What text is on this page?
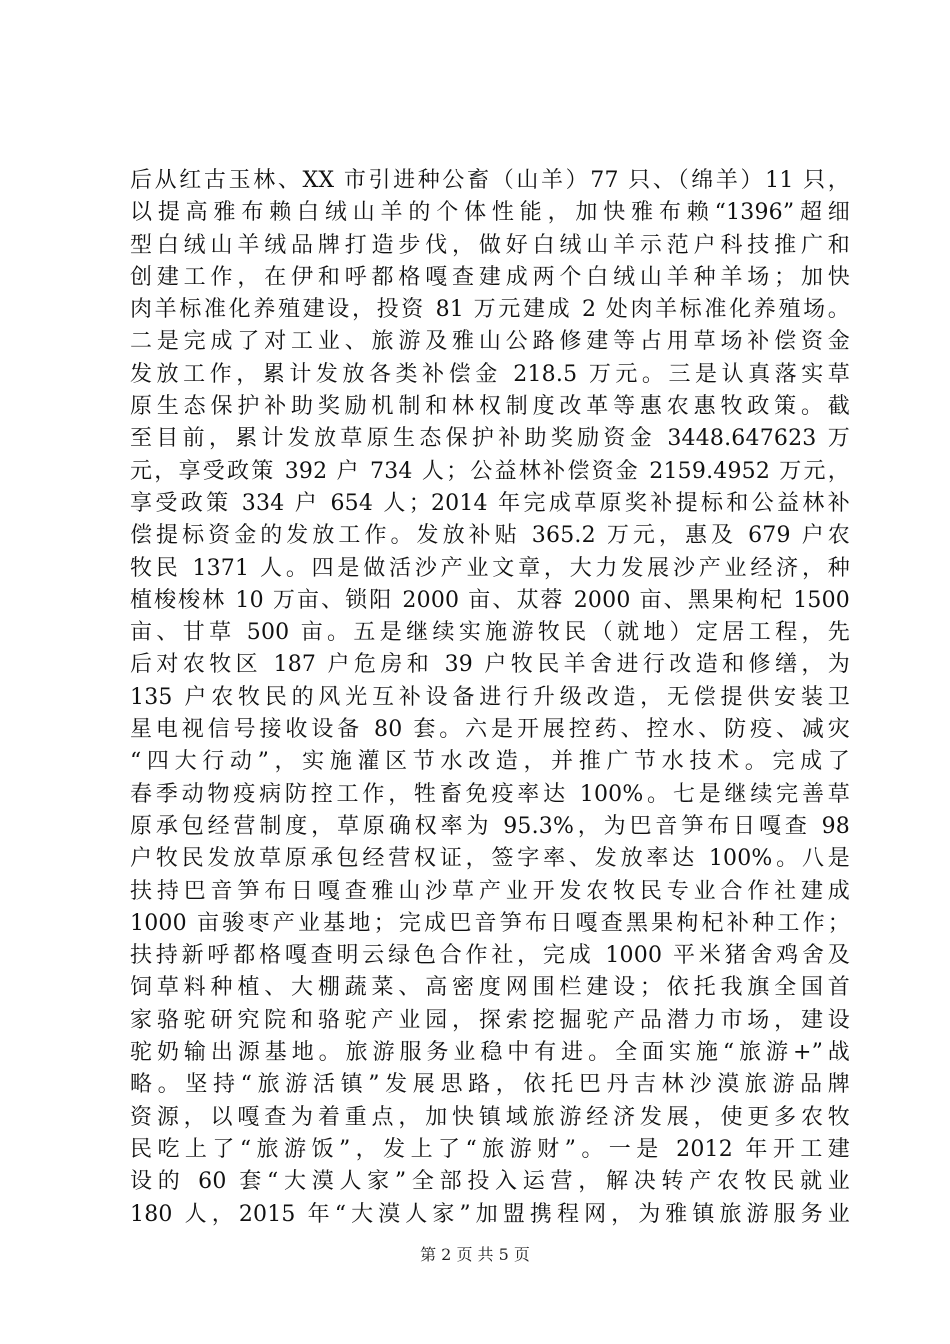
后从红古玉林、XX 市引进种公畜（山羊）77 只、（绵羊）11 只，
以提高雅布赖白绒山羊的个体性能，加快雅布赖“1396”超细
型白绒山羊绒品牌打造步伐，做好白绒山羊示范户科技推广和
创建工作，在伊和呼都格嘎查建成两个白绒山羊种羊场；加快
肉羊标准化养殖建设，投资 81 万元建成 2 处肉羊标准化养殖场。
二是完成了对工业、旅游及雅山公路修建等占用草场补偿资金
发放工作，累计发放各类补偿金 218.5 万元。三是认真落实草
原生态保护补助奖励机制和林权制度改革等惠农惠牧政策。截
至目前，累计发放草原生态保护补助奖励资金 3448.647623 万
元，享受政策 392 户 734 人；公益林补偿资金 2159.4952 万元，
享受政策 334 户 654 人；2014 年完成草原奖补提标和公益林补
偿提标资金的发放工作。发放补贴 365.2 万元，惠及 679 户农
牧民 1371 人。四是做活沙产业文章，大力发展沙产业经济，种
植梭梭林 10 万亩、锁阳 2000 亩、苁蓉 2000 亩、黑果枸杞 1500
亩、甘草 500 亩。五是继续实施游牧民（就地）定居工程，先
后对农牧区 187 户危房和 39 户牧民羊舍进行改造和修缮，为
135 户农牧民的风光互补设备进行升级改造，无偿提供安装卫
星电视信号接收设备 80 套。六是开展控药、控水、防疫、减灾
“四大行动”，实施灌区节水改造，并推广节水技术。完成了
春季动物疫病防控工作，牲畜免疫率达 100%。七是继续完善草
原承包经营制度，草原确权率为 95.3%，为巴音笋布日嘎查 98
户牧民发放草原承包经营权证，签字率、发放率达 100%。八是
扶持巴音笋布日嘎查雅山沙草产业开发农牧民专业合作社建成
1000 亩骏枣产业基地；完成巴音笋布日嘎查黑果枸杞补种工作；
扶持新呼都格嘎查明云绿色合作社，完成 1000 平米猪舍鸡舍及
饲草料种植、大棚蔬菜、高密度网围栏建设；依托我旗全国首
家骆驼研究院和骆驼产业园，探索挖掘驼产品潜力市场，建设
驼奶输出源基地。旅游服务业稳中有进。全面实施“旅游+”战
略。坚持“旅游活镇”发展思路，依托巴丹吉林沙漠旅游品牌
资源，以嘎查为着重点，加快镇域旅游经济发展，使更多农牧
民吃上了“旅游饭”，发上了“旅游财”。一是 2012 年开工建
设的 60 套“大漠人家”全部投入运营，解决转产农牧民就业
180 人，2015 年“大漠人家”加盟携程网，为雅镇旅游服务业
第 2 页 共 5 页
